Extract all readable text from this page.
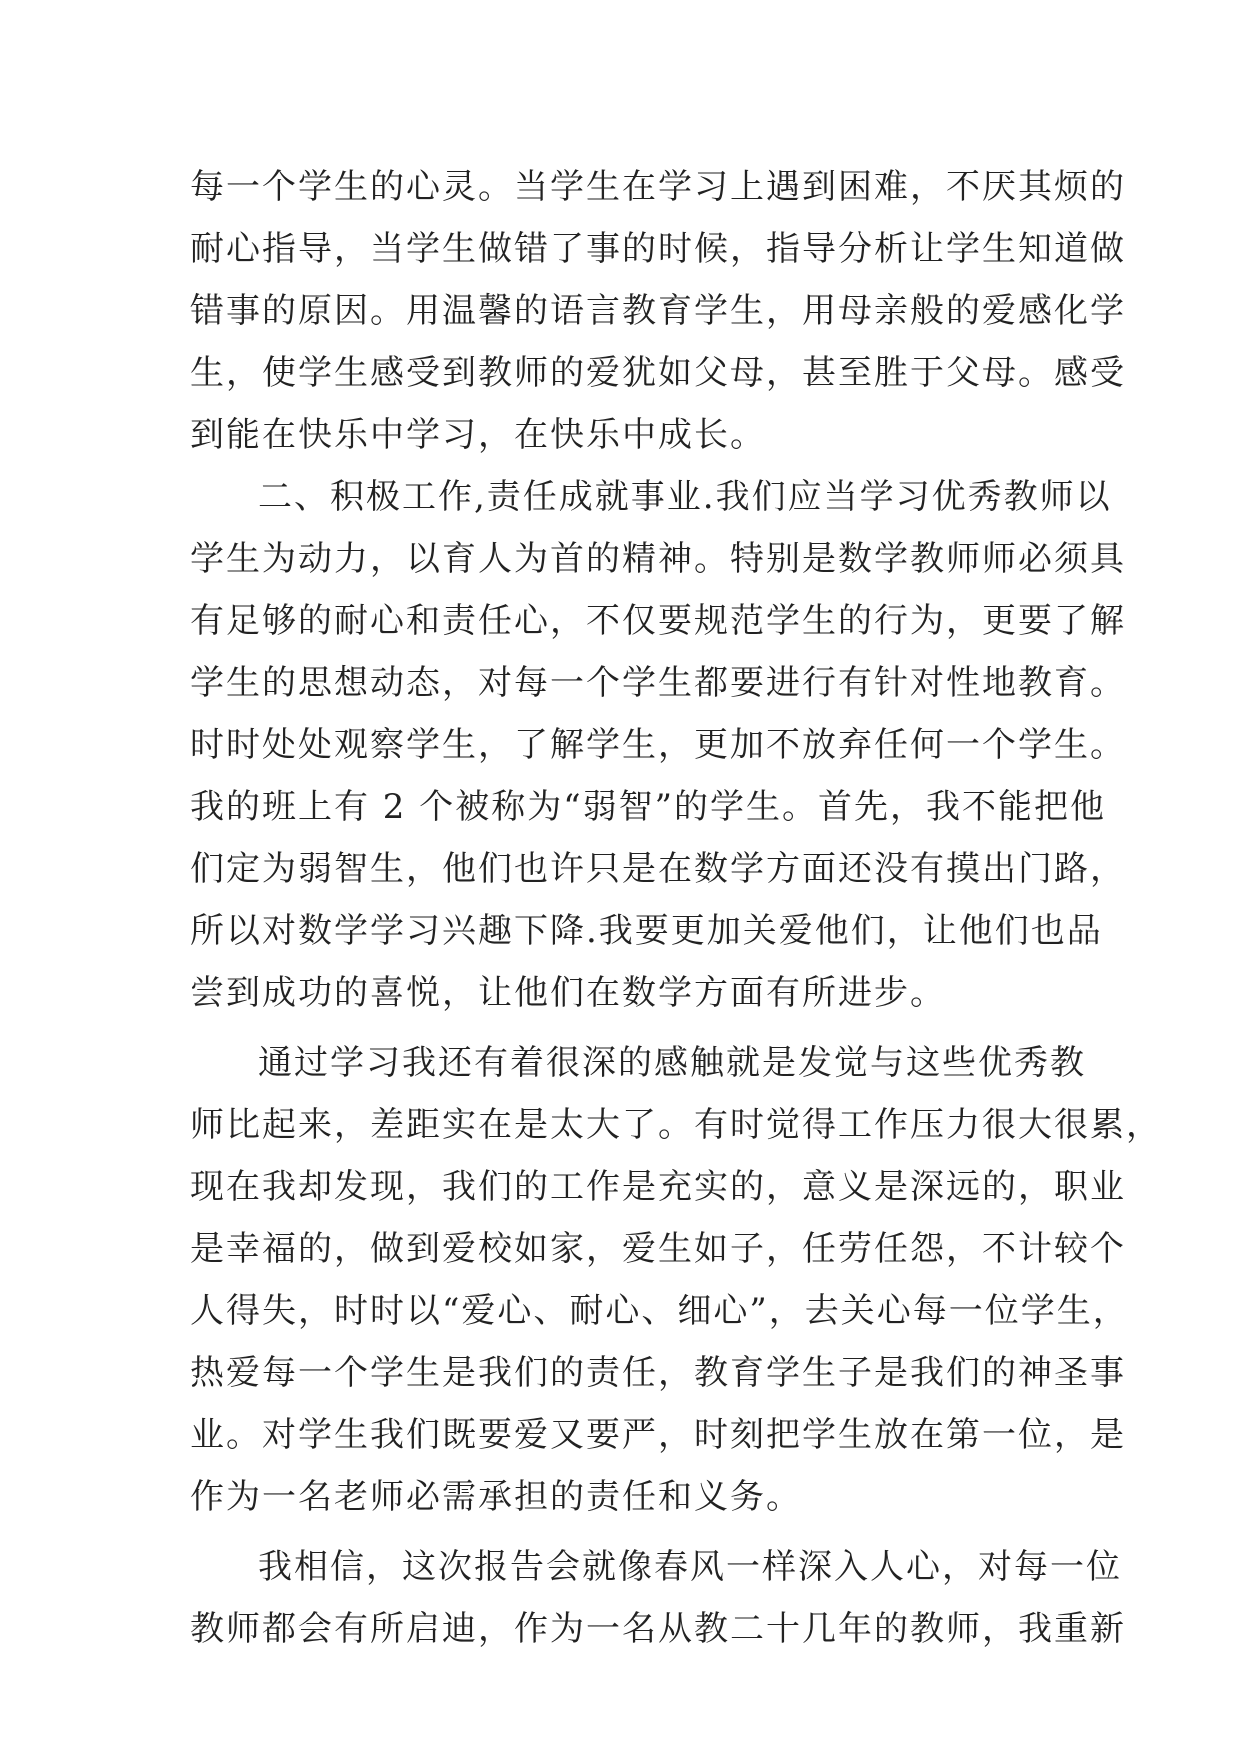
每一个学生的心灵。当学生在学习上遇到困难，不厌其烦的
耐心指导，当学生做错了事的时候，指导分析让学生知道做
错事的原因。用温馨的语言教育学生，用母亲般的爱感化学
生，使学生感受到教师的爱犹如父母，甚至胜于父母。感受
到能在快乐中学习，在快乐中成长。
二、积极工作,责任成就事业.我们应当学习优秀教师以
学生为动力，以育人为首的精神。特别是数学教师师必须具
有足够的耐心和责任心，不仅要规范学生的行为，更要了解
学生的思想动态，对每一个学生都要进行有针对性地教育。
时时处处观察学生，了解学生，更加不放弃任何一个学生。
我的班上有 2 个被称为“弱智”的学生。首先，我不能把他
们定为弱智生，他们也许只是在数学方面还没有摸出门路，
所以对数学学习兴趣下降.我要更加关爱他们，让他们也品
尝到成功的喜悦，让他们在数学方面有所进步。
通过学习我还有着很深的感触就是发觉与这些优秀教
师比起来，差距实在是太大了。有时觉得工作压力很大很累，
现在我却发现，我们的工作是充实的，意义是深远的，职业
是幸福的，做到爱校如家，爱生如子，任劳任怨，不计较个
人得失，时时以“爱心、耐心、细心”，去关心每一位学生，
热爱每一个学生是我们的责任，教育学生子是我们的神圣事
业。对学生我们既要爱又要严，时刻把学生放在第一位，是
作为一名老师必需承担的责任和义务。
我相信，这次报告会就像春风一样深入人心，对每一位
教师都会有所启迪，作为一名从教二十几年的教师，我重新
